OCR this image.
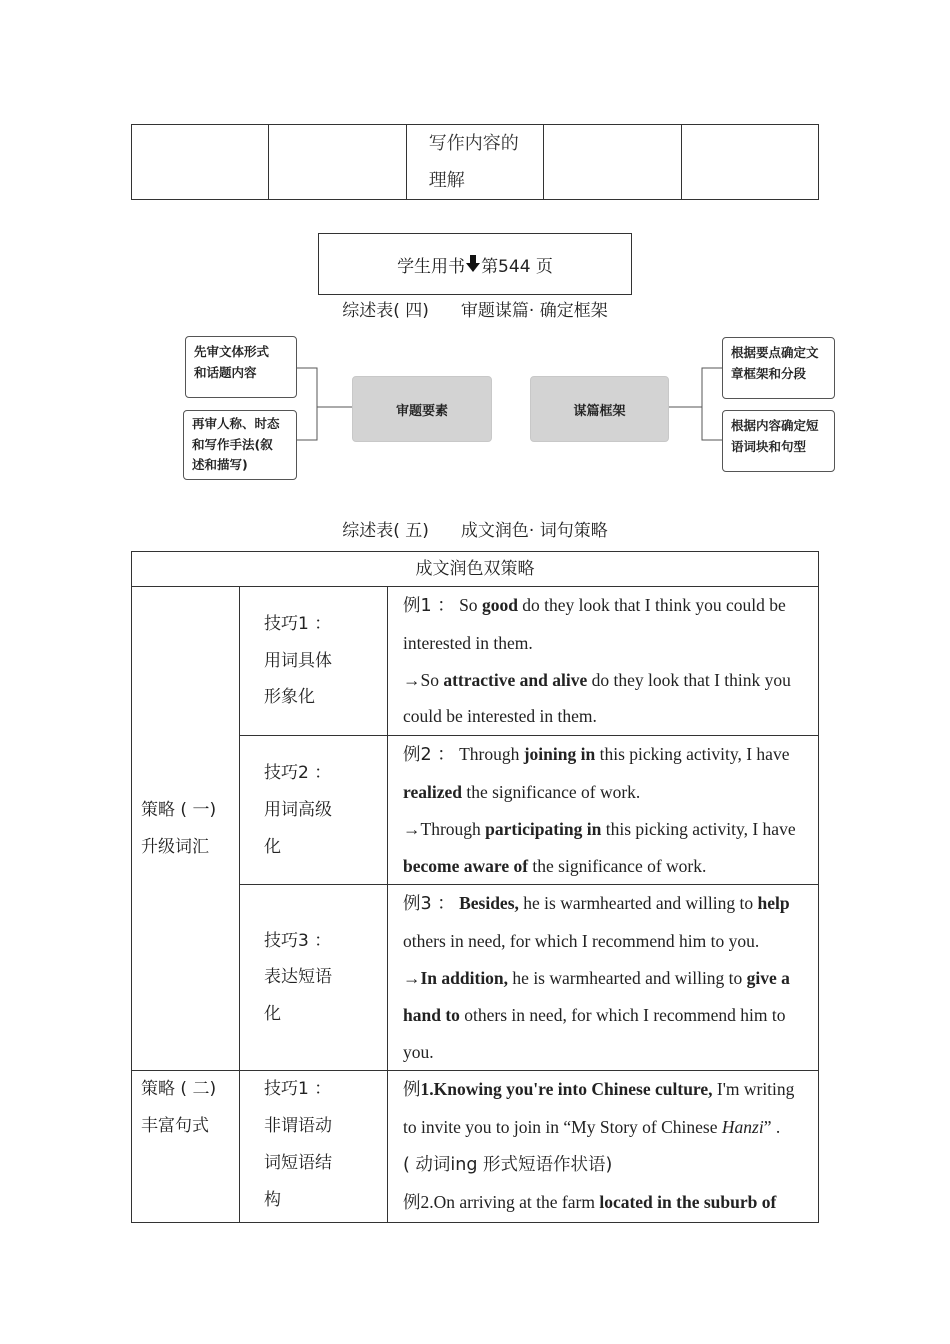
写作内容的
理解

学生用书 第544 页
综述表( 四) 审题谋篇· 确定框架
先审文体形式
和话题内容
再审人称、时态
和写作手法(叙
述和描写)
审题要素	谋篇框架
根据要点确定文
章框架和分段
根据内容确定短
语词块和句型
综述表( 五) 成文润色· 词句策略
成文润色双策略		

策略 ( 一) 升级词汇	技巧1 ： 用词具体形象化	例1 ： So good do they look that I think you could be interested in them.
→So attractive and alive do they look that I think you could be interested in them.

	技巧2 ： 用词高级化	例2 ： Through joining in this picking activity, I have realized the significance of work.
→Through participating in this picking activity, I have become aware of the significance of work.

	技巧3 ： 表达短语化	例3 ： Besides, he is warmhearted and willing to help others in need, for which I recommend him to you.
→In addition, he is warmhearted and willing to give a hand to others in need, for which I recommend him to you.

策略 ( 二) 丰富句式	技巧1 ： 非谓语动词短语结构	例1.Knowing you're into Chinese culture, I'm writing to invite you to join in “My Story of Chinese Hanzi” .
( 动词ing 形式短语作状语)
例2.On arriving at the farm located in the suburb of
